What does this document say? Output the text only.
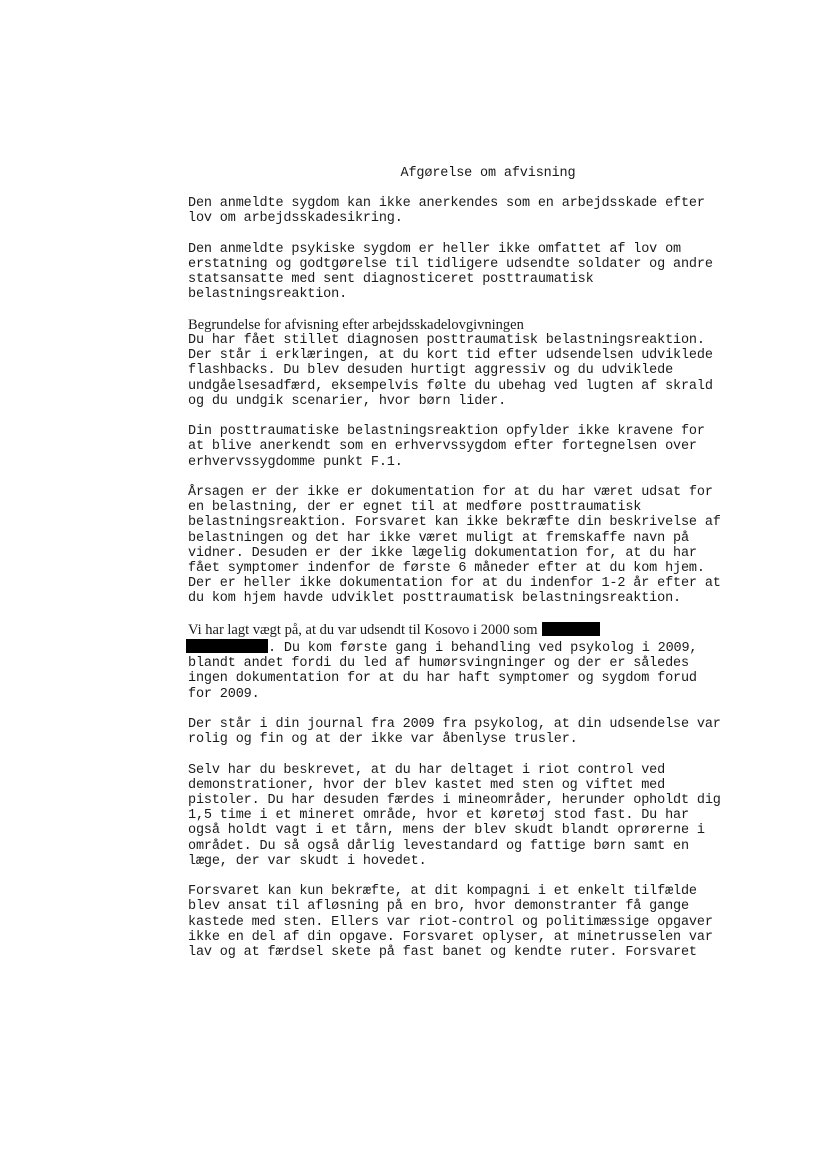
Afgørelse om afvisning

Den anmeldte sygdom kan ikke anerkendes som en arbejdsskade efter
lov om arbejdsskadesikring.

Den anmeldte psykiske sygdom er heller ikke omfattet af lov om
erstatning og godtgørelse til tidligere udsendte soldater og andre
statsansatte med sent diagnosticeret posttraumatisk
belastningsreaktion.

Begrundelse for afvisning efter arbejdsskadelovgivningen

Du har fået stillet diagnosen posttraumatisk belastningsreaktion.
Der står i erklæringen, at du kort tid efter udsendelsen udviklede
flashbacks. Du blev desuden hurtigt aggressiv og du udviklede
undgåelsesadfærd, eksempelvis følte du ubehag ved lugten af skrald
og du undgik scenarier, hvor børn lider.

Din posttraumatiske belastningsreaktion opfylder ikke kravene for
at blive anerkendt som en erhvervssygdom efter fortegnelsen over
erhvervssygdomme punkt F.1.

Årsagen er der ikke er dokumentation for at du har været udsat for
en belastning, der er egnet til at medføre posttraumatisk
belastningsreaktion. Forsvaret kan ikke bekræfte din beskrivelse af
belastningen og det har ikke været muligt at fremskaffe navn på
vidner. Desuden er der ikke lægelig dokumentation for, at du har
fået symptomer indenfor de første 6 måneder efter at du kom hjem.
Der er heller ikke dokumentation for at du indenfor 1-2 år efter at
du kom hjem havde udviklet posttraumatisk belastningsreaktion.

Vi har lagt vægt på, at du var udsendt til Kosovo i 2000 som
. Du kom første gang i behandling ved psykolog i 2009,
blandt andet fordi du led af humørsvingninger og der er således
ingen dokumentation for at du har haft symptomer og sygdom forud
for 2009.

Der står i din journal fra 2009 fra psykolog, at din udsendelse var
rolig og fin og at der ikke var åbenlyse trusler.

Selv har du beskrevet, at du har deltaget i riot control ved
demonstrationer, hvor der blev kastet med sten og viftet med
pistoler. Du har desuden færdes i mineområder, herunder opholdt dig
1,5 time i et mineret område, hvor et køretøj stod fast. Du har
også holdt vagt i et tårn, mens der blev skudt blandt oprørerne i
området. Du så også dårlig levestandard og fattige børn samt en
læge, der var skudt i hovedet.

Forsvaret kan kun bekræfte, at dit kompagni i et enkelt tilfælde
blev ansat til afløsning på en bro, hvor demonstranter få gange
kastede med sten. Ellers var riot-control og politimæssige opgaver
ikke en del af din opgave. Forsvaret oplyser, at minetrusselen var
lav og at færdsel skete på fast banet og kendte ruter. Forsvaret
